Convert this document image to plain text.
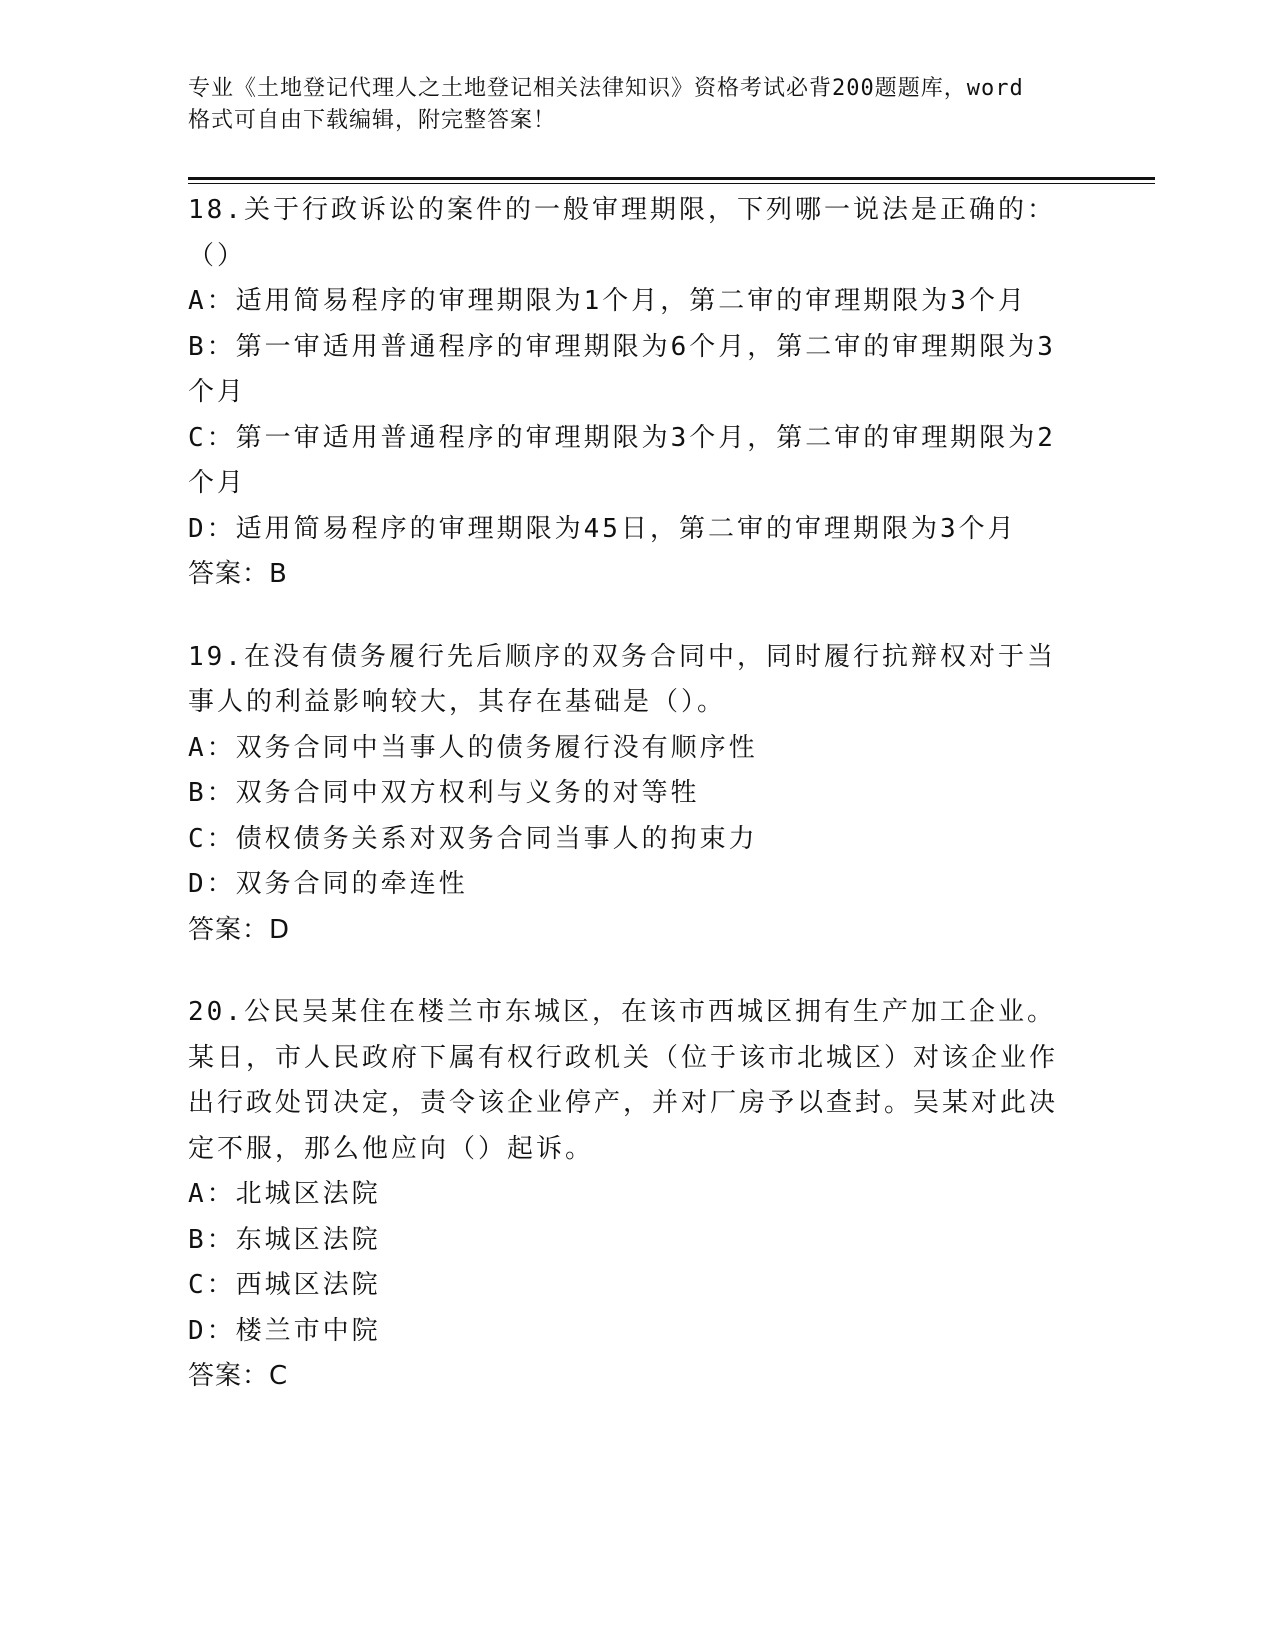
专业《土地登记代理人之土地登记相关法律知识》资格考试必背200题题库，word
格式可自由下载编辑，附完整答案！
18.关于行政诉讼的案件的一般审理期限，下列哪一说法是正确的：（）
A：适用简易程序的审理期限为1个月，第二审的审理期限为3个月
B：第一审适用普通程序的审理期限为6个月，第二审的审理期限为3个月
C：第一审适用普通程序的审理期限为3个月，第二审的审理期限为2个月
D：适用简易程序的审理期限为45日，第二审的审理期限为3个月
答案：B
19.在没有债务履行先后顺序的双务合同中，同时履行抗辩权对于当事人的利益影响较大，其存在基础是（）。
A：双务合同中当事人的债务履行没有顺序性
B：双务合同中双方权利与义务的对等牲
C：债权债务关系对双务合同当事人的拘束力
D：双务合同的牵连性
答案：D
20.公民吴某住在楼兰市东城区，在该市西城区拥有生产加工企业。某日，市人民政府下属有权行政机关（位于该市北城区）对该企业作出行政处罚决定，责令该企业停产，并对厂房予以查封。吴某对此决定不服，那么他应向（）起诉。
A：北城区法院
B：东城区法院
C：西城区法院
D：楼兰市中院
答案：C
